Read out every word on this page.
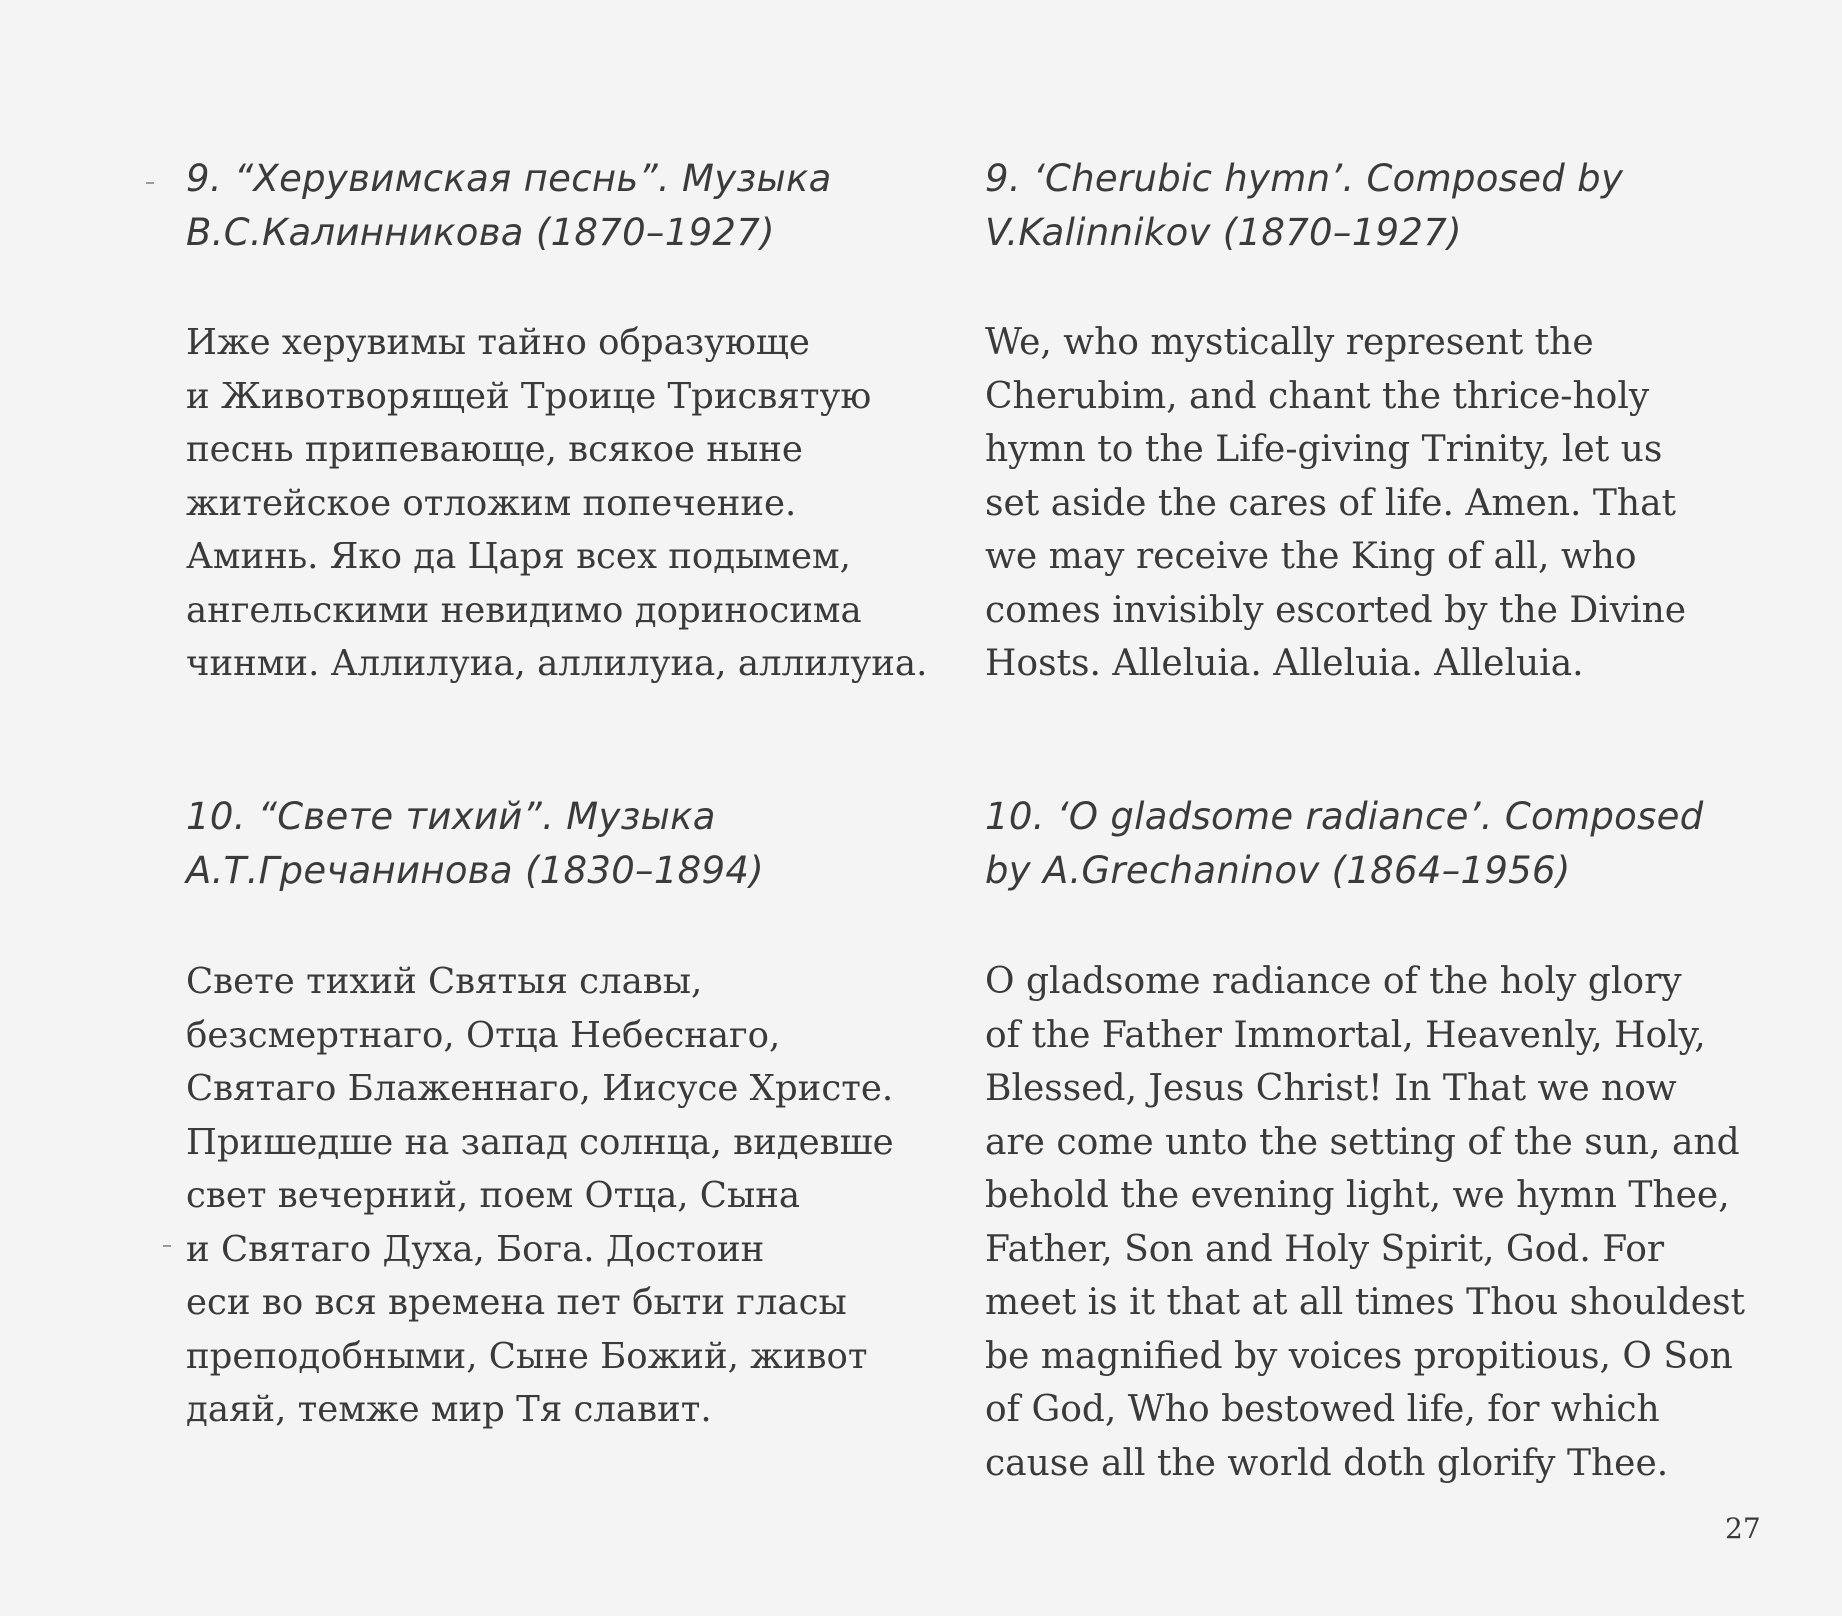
9. “Херувимская песнь”. Музыка
В.С.Калинникова (1870–1927)

Иже херувимы тайно образующе
и Животворящей Троице Трисвятую
песнь припевающе, всякое ныне
житейское отложим попечение.
Аминь. Яко да Царя всех подымем,
ангельскими невидимо дориносима
чинми. Аллилуиа, аллилуиа, аллилуиа.

10. “Свете тихий”. Музыка
А.Т.Гречанинова (1830–1894)

Свете тихий Святыя славы,
безсмертнаго, Отца Небеснаго,
Святаго Блаженнаго, Иисусе Христе.
Пришедше на запад солнца, видевше
свет вечерний, поем Отца, Сына
и Святаго Духа, Бога. Достоин
еси во вся времена пет быти гласы
преподобными, Сыне Божий, живот
даяй, темже мир Тя славит.

9. ‘Cherubic hymn’. Composed by
V.Kalinnikov (1870–1927)

We, who mystically represent the
Cherubim, and chant the thrice-holy
hymn to the Life-giving Trinity, let us
set aside the cares of life. Amen. That
we may receive the King of all, who
comes invisibly escorted by the Divine
Hosts. Alleluia. Alleluia. Alleluia.

10. ‘O gladsome radiance’. Composed
by A.Grechaninov (1864–1956)

O gladsome radiance of the holy glory
of the Father Immortal, Heavenly, Holy,
Blessed, Jesus Christ! In That we now
are come unto the setting of the sun, and
behold the evening light, we hymn Thee,
Father, Son and Holy Spirit, God. For
meet is it that at all times Thou shouldest
be magnified by voices propitious, O Son
of God, Who bestowed life, for which
cause all the world doth glorify Thee.

27
